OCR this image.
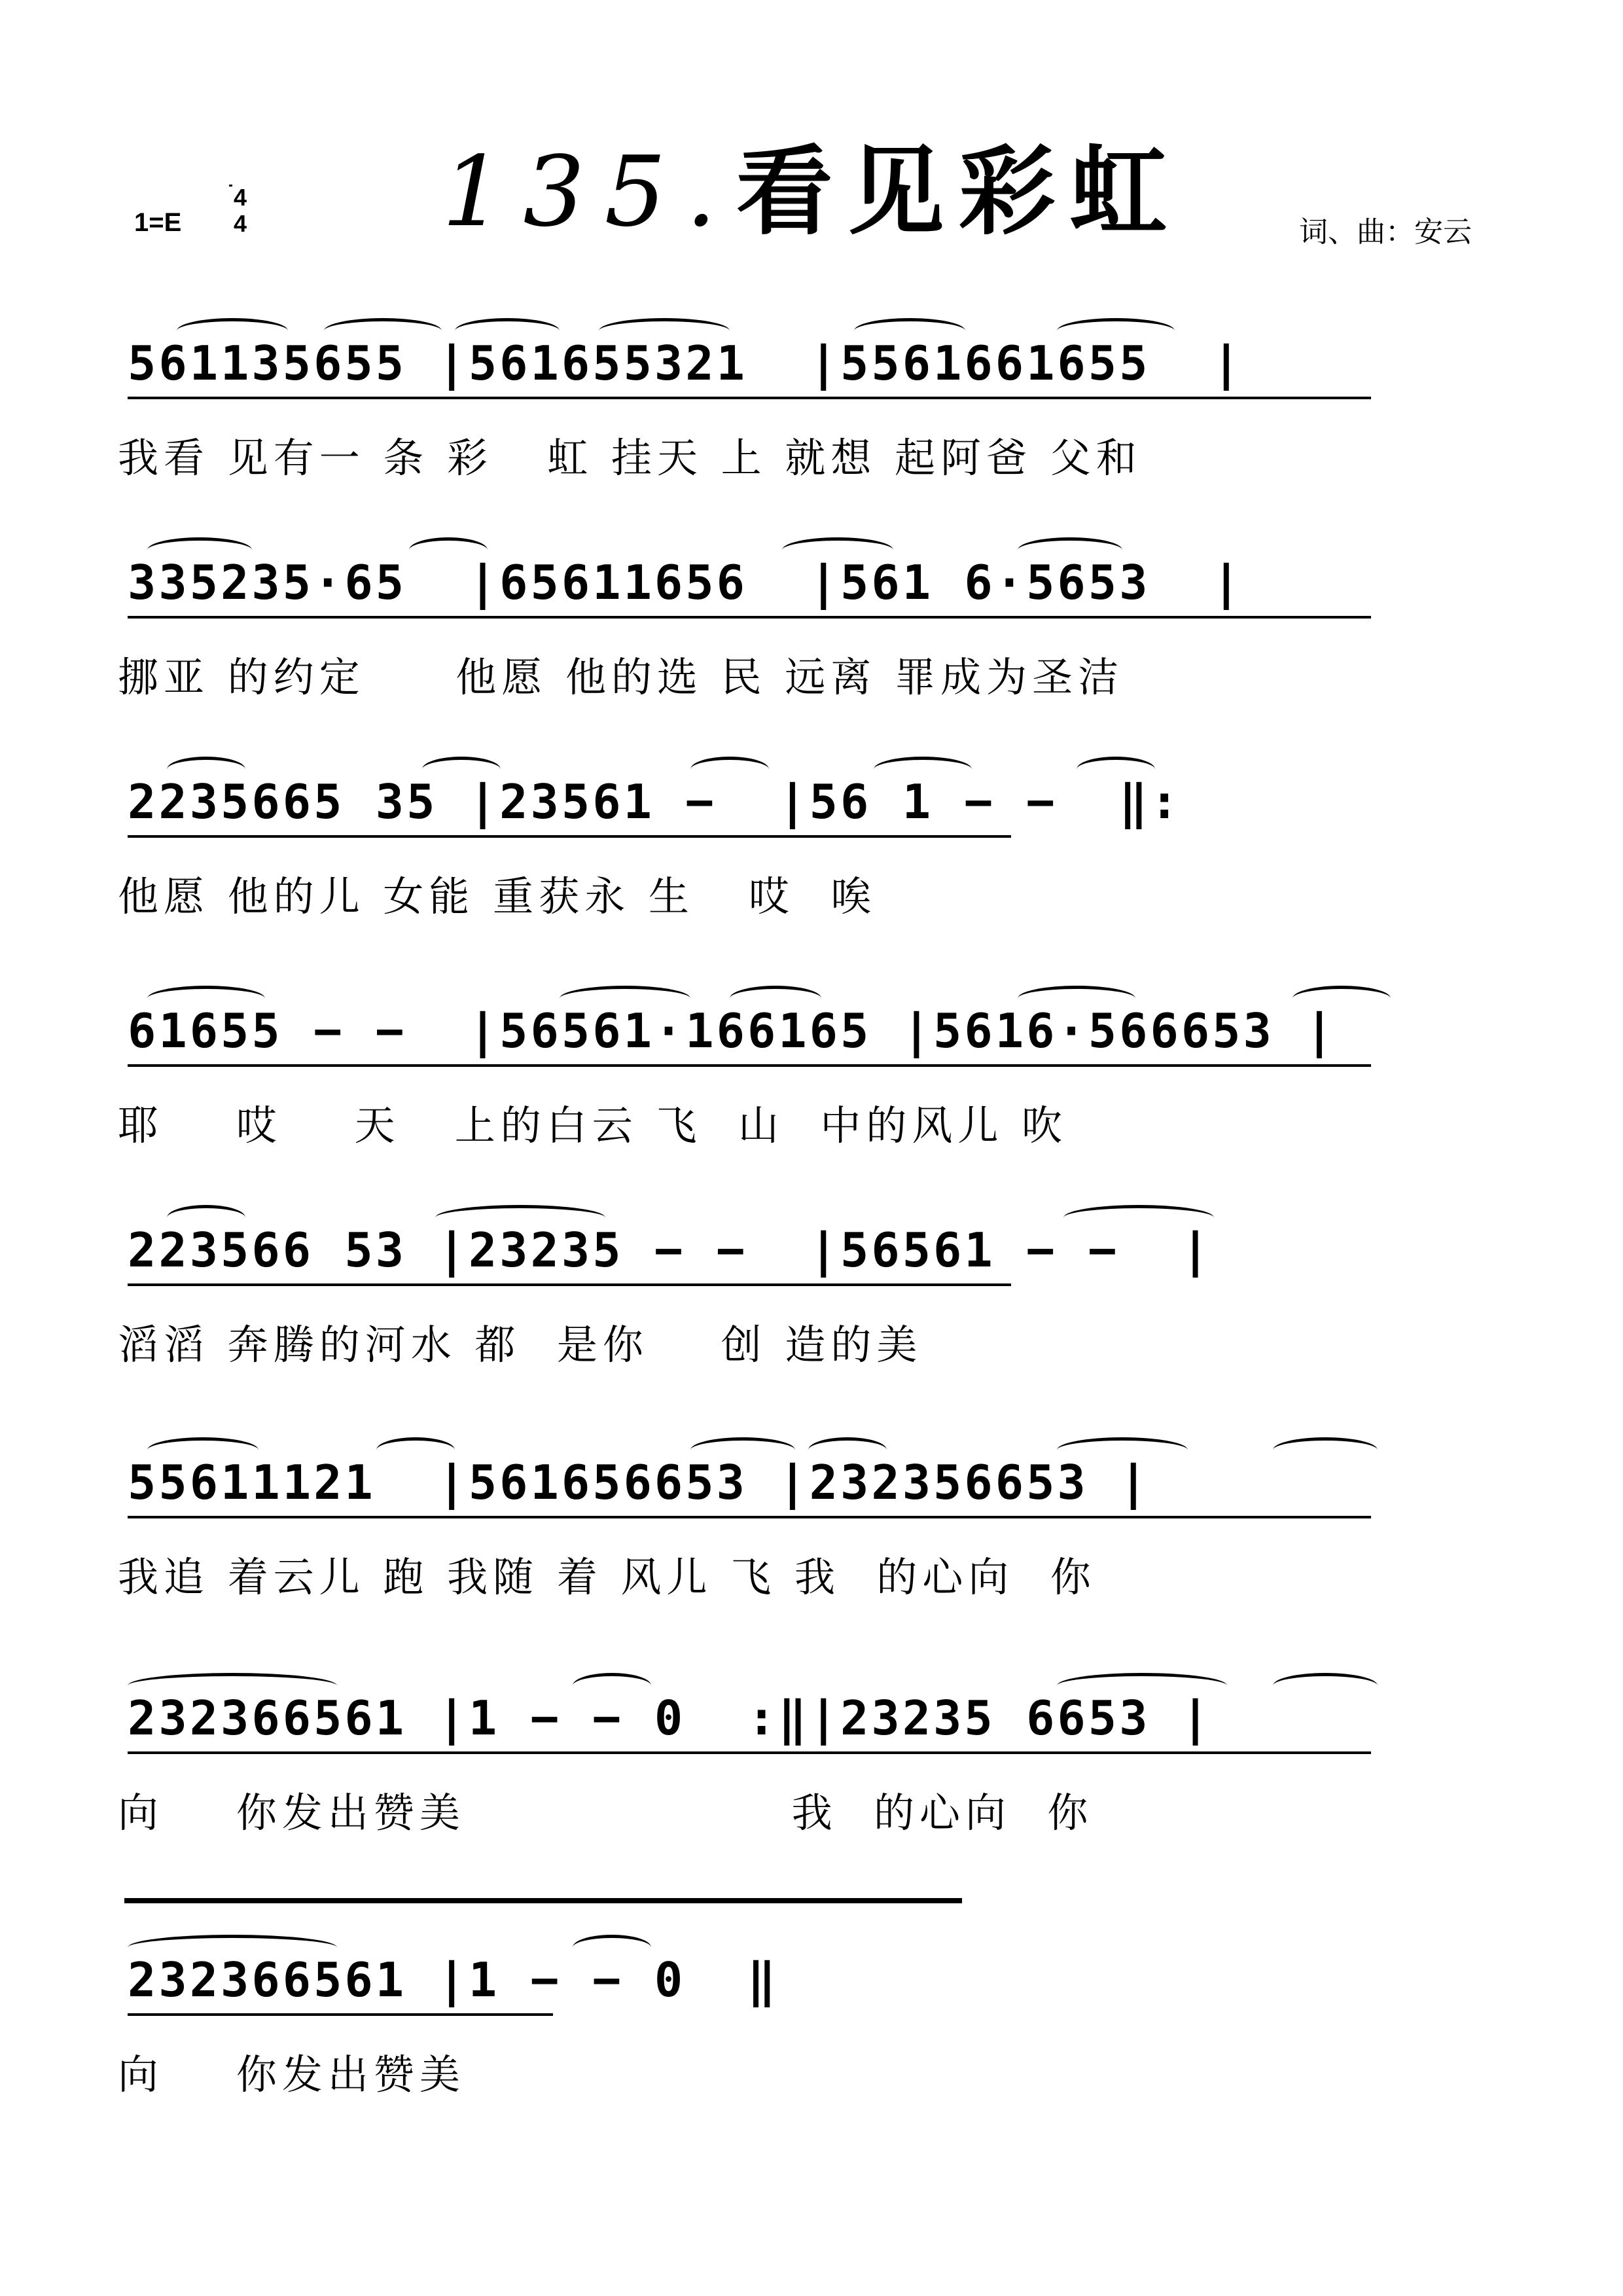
135.看见彩虹
1=E
4
4	词、曲：安云
561135655 |561655321  |5561661655  |
我看 见有一 条 彩   虹 挂天 上 就想 起阿爸 父和
335235·65  |65611656  |561 6·5653  |
挪亚 的约定     他愿 他的选 民 远离 罪成为圣洁
2235665 35 |23561 −  |56 1 − −  ‖:
他愿 他的儿 女能 重获永 生   哎  唉
61655 − −  |56561·166165 |5616·566653 |
耶    哎    天   上的白云 飞  山  中的风儿 吹
223566 53 |23235 − −  |56561 − −  |
滔滔 奔腾的河水 都  是你    创 造的美
55611121  |561656653 |232356653 |
我追 着云儿 跑 我随 着 风儿 飞 我  的心向  你
232366561 |1 − − 0  :‖|23235 6653 |
向    你发出赞美                  我  的心向  你
232366561 |1 − − 0  ‖
向    你发出赞美
